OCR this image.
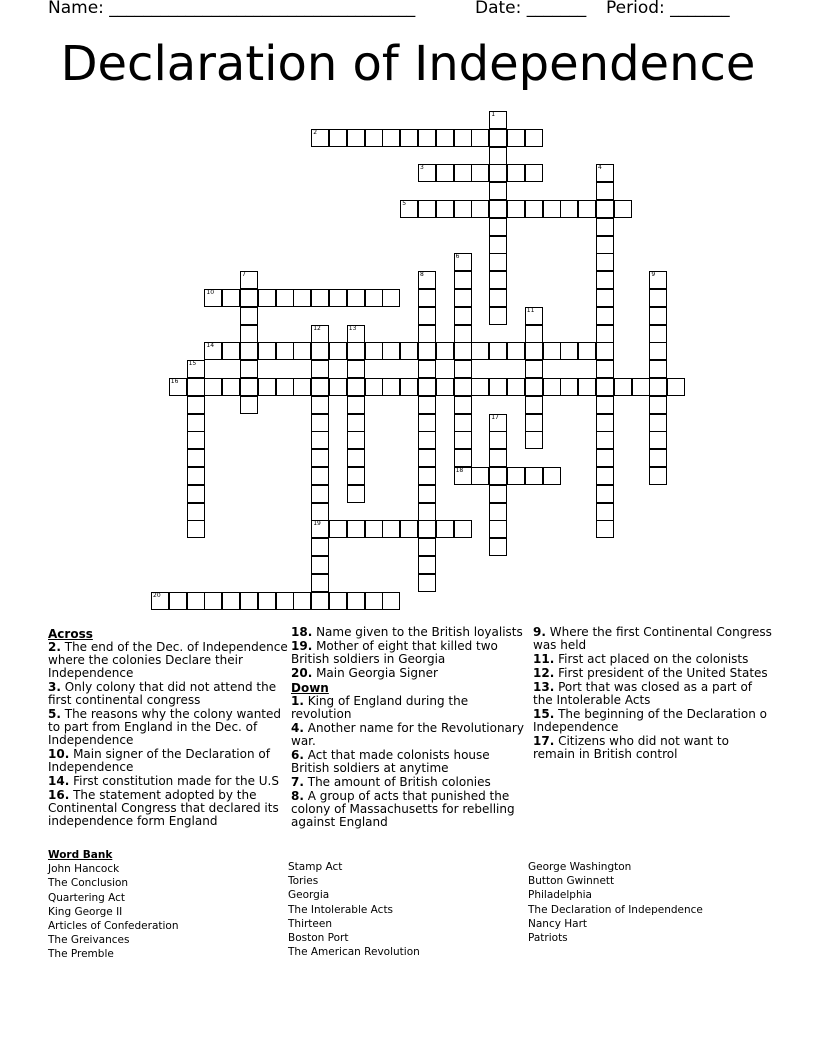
Name: ____________________________________	Date: _______ Period: _______
Declaration of Independence
1
2
3	4
5
6
7	8	9
10
11
12
19
13
14
15
16
17
18
20
Across
2. The end of the Dec. of Independence where the colonies Declare their Independence
3. Only colony that did not attend the first continental congress
5. The reasons why the colony wanted to part from England in the Dec. of Independence
10. Main signer of the Declaration of Independence
14. First constitution made for the U.S
16. The statement adopted by the Continental Congress that declared its independence form England
18. Name given to the British loyalists
19. Mother of eight that killed two British soldiers in Georgia
20. Main Georgia Signer
Down
1. King of England during the revolution
4. Another name for the Revolutionary war.
6. Act that made colonists house British soldiers at anytime
7. The amount of British colonies
8. A group of acts that punished the colony of Massachusetts for rebelling against England
9. Where the first Continental Congress was held
11. First act placed on the colonists
12. First president of the United States
13. Port that was closed as a part of the Intolerable Acts
15. The beginning of the Declaration o Independence
17. Citizens who did not want to remain in British control
Word Bank
John Hancock
The Conclusion
Quartering Act
King George II
Articles of Confederation
The Greivances
The Premble
Stamp Act
Tories
Georgia
The Intolerable Acts
Thirteen
Boston Port
The American Revolution
George Washington
Button Gwinnett
Philadelphia
The Declaration of Independence
Nancy Hart
Patriots
